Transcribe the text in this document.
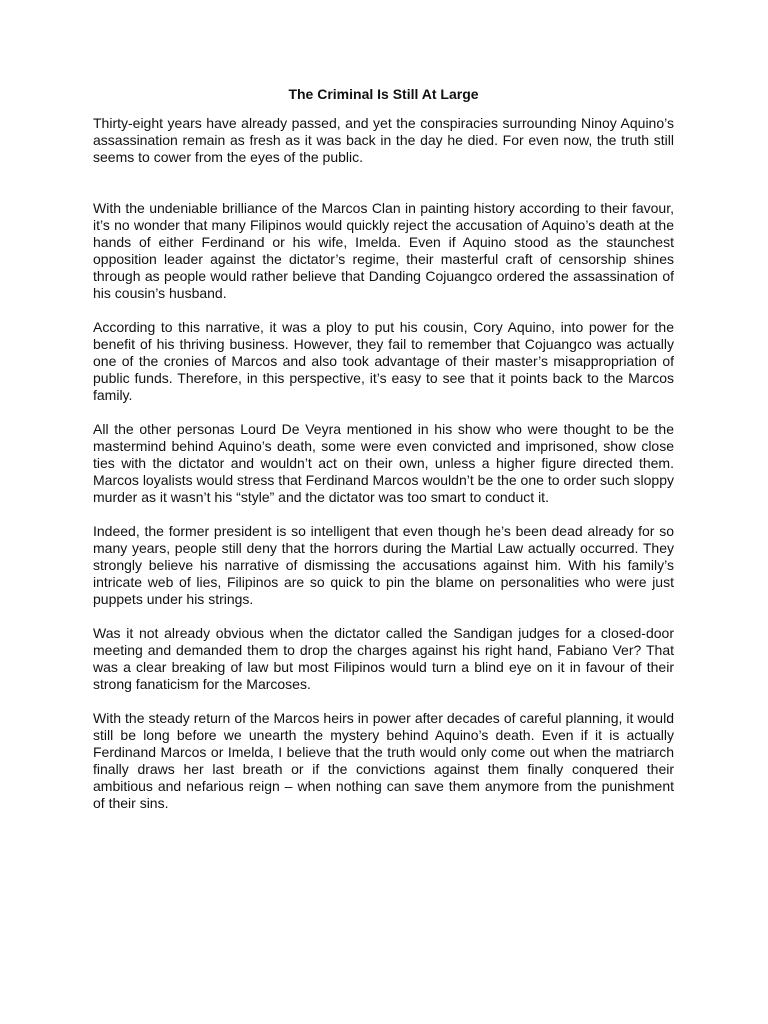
The Criminal Is Still At Large

Thirty-eight years have already passed, and yet the conspiracies surrounding Ninoy Aquino’s assassination remain as fresh as it was back in the day he died. For even now, the truth still seems to cower from the eyes of the public.

With the undeniable brilliance of the Marcos Clan in painting history according to their favour, it’s no wonder that many Filipinos would quickly reject the accusation of Aquino’s death at the hands of either Ferdinand or his wife, Imelda. Even if Aquino stood as the staunchest opposition leader against the dictator’s regime, their masterful craft of censorship shines through as people would rather believe that Danding Cojuangco ordered the assassination of his cousin’s husband.

According to this narrative, it was a ploy to put his cousin, Cory Aquino, into power for the benefit of his thriving business. However, they fail to remember that Cojuangco was actually one of the cronies of Marcos and also took advantage of their master’s misappropriation of public funds. Therefore, in this perspective, it’s easy to see that it points back to the Marcos family.

All the other personas Lourd De Veyra mentioned in his show who were thought to be the mastermind behind Aquino’s death, some were even convicted and imprisoned, show close ties with the dictator and wouldn’t act on their own, unless a higher figure directed them. Marcos loyalists would stress that Ferdinand Marcos wouldn’t be the one to order such sloppy murder as it wasn’t his “style” and the dictator was too smart to conduct it.

Indeed, the former president is so intelligent that even though he’s been dead already for so many years, people still deny that the horrors during the Martial Law actually occurred. They strongly believe his narrative of dismissing the accusations against him. With his family’s intricate web of lies, Filipinos are so quick to pin the blame on personalities who were just puppets under his strings.

Was it not already obvious when the dictator called the Sandigan judges for a closed-door meeting and demanded them to drop the charges against his right hand, Fabiano Ver? That was a clear breaking of law but most Filipinos would turn a blind eye on it in favour of their strong fanaticism for the Marcoses.

With the steady return of the Marcos heirs in power after decades of careful planning, it would still be long before we unearth the mystery behind Aquino’s death. Even if it is actually Ferdinand Marcos or Imelda, I believe that the truth would only come out when the matriarch finally draws her last breath or if the convictions against them finally conquered their ambitious and nefarious reign – when nothing can save them anymore from the punishment of their sins.
